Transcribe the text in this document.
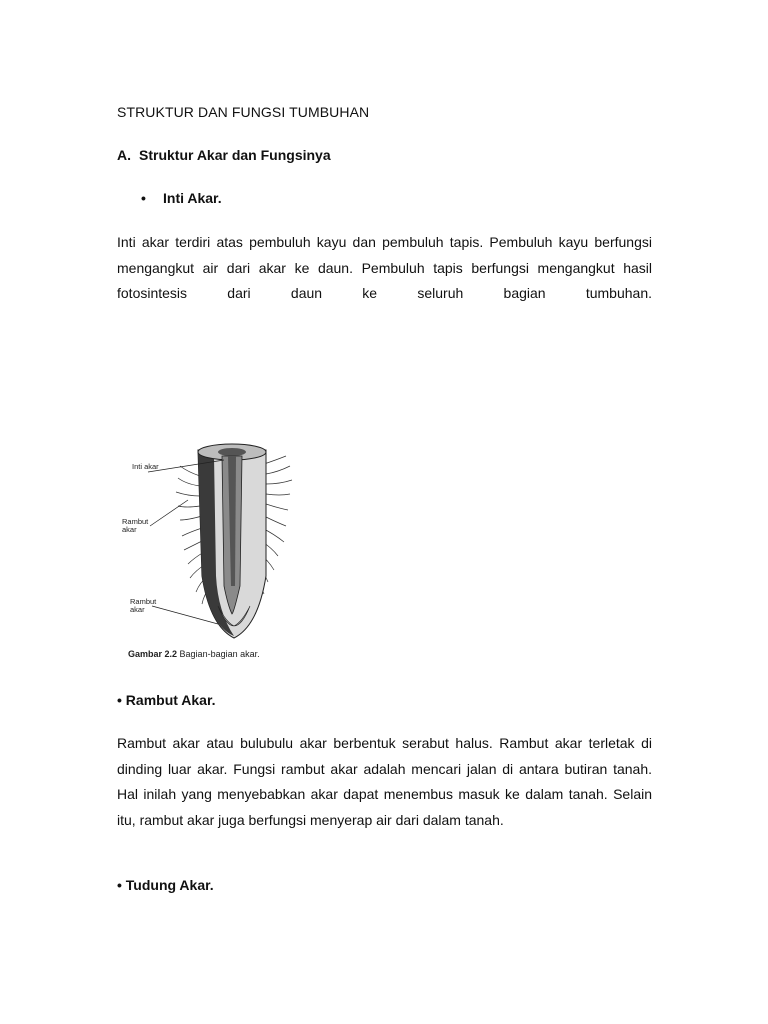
STRUKTUR DAN FUNGSI TUMBUHAN

A. Struktur Akar dan Fungsinya

• Inti Akar.

Inti akar terdiri atas pembuluh kayu dan pembuluh tapis. Pembuluh kayu berfungsi mengangkut air dari akar ke daun. Pembuluh tapis berfungsi mengangkut hasil fotosintesis dari daun ke seluruh bagian tumbuhan.

Inti akar
Rambut akar
Rambut akar
Gambar 2.2 Bagian-bagian akar.

• Rambut Akar.

Rambut akar atau bulubulu akar berbentuk serabut halus. Rambut akar terletak di dinding luar akar. Fungsi rambut akar adalah mencari jalan di antara butiran tanah. Hal inilah yang menyebabkan akar dapat menembus masuk ke dalam tanah. Selain itu, rambut akar juga berfungsi menyerap air dari dalam tanah.

• Tudung Akar.
